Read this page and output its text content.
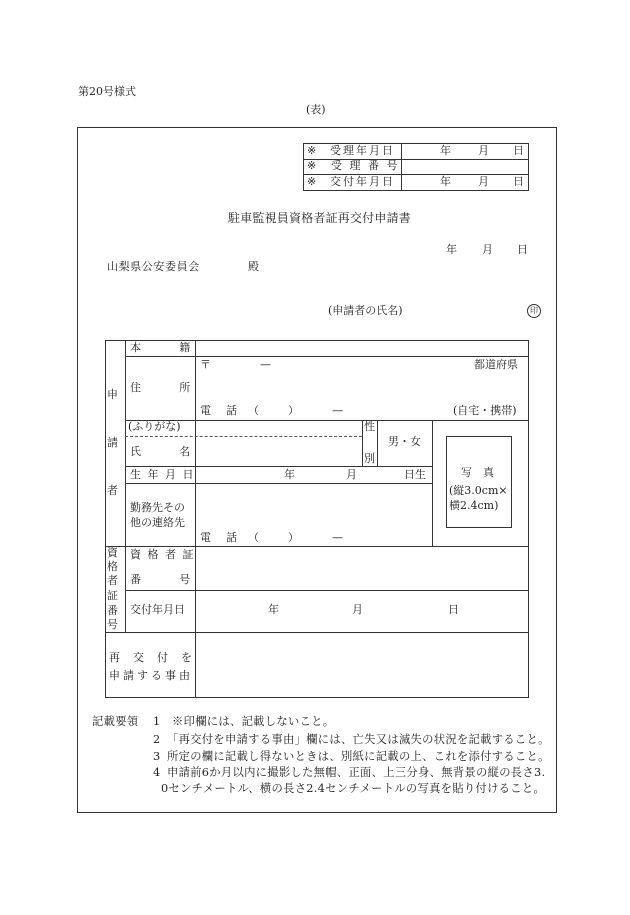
第20号様式
(表)
※ 受理年月日	年 月 日
※ 受 理 番 号
※ 交付年月日	年 月 日
駐車監視員資格者証再交付申請書
年 月 日
山梨県公安委員会	殿
(申請者の氏名)	印
申
請
者
本　　　籍
住　　　所
〒	—	都道府県
電　話 （	）	—	(自宅・携帯)
(ふりがな)
氏　　　名
性
別
男・女
生 年 月 日	年	月	日生
勤務先その
他の連絡先
電　話 （	）	—
写　真
(縦3.0cm×
横2.4cm)
資
格
者
証
番
号
資 格 者 証
番　　　号
交付年月日	年	月	日
再　交　付　を
申請する事由
記載要領 1 ※印欄には、記載しないこと。
2 「再交付を申請する事由」欄には、亡失又は滅失の状況を記載すること。
3 所定の欄に記載し得ないときは、別紙に記載の上、これを添付すること。
4 申請前6か月以内に撮影した無帽、正面、上三分身、無背景の縦の長さ3.
0センチメートル、横の長さ2.4センチメートルの写真を貼り付けること。
